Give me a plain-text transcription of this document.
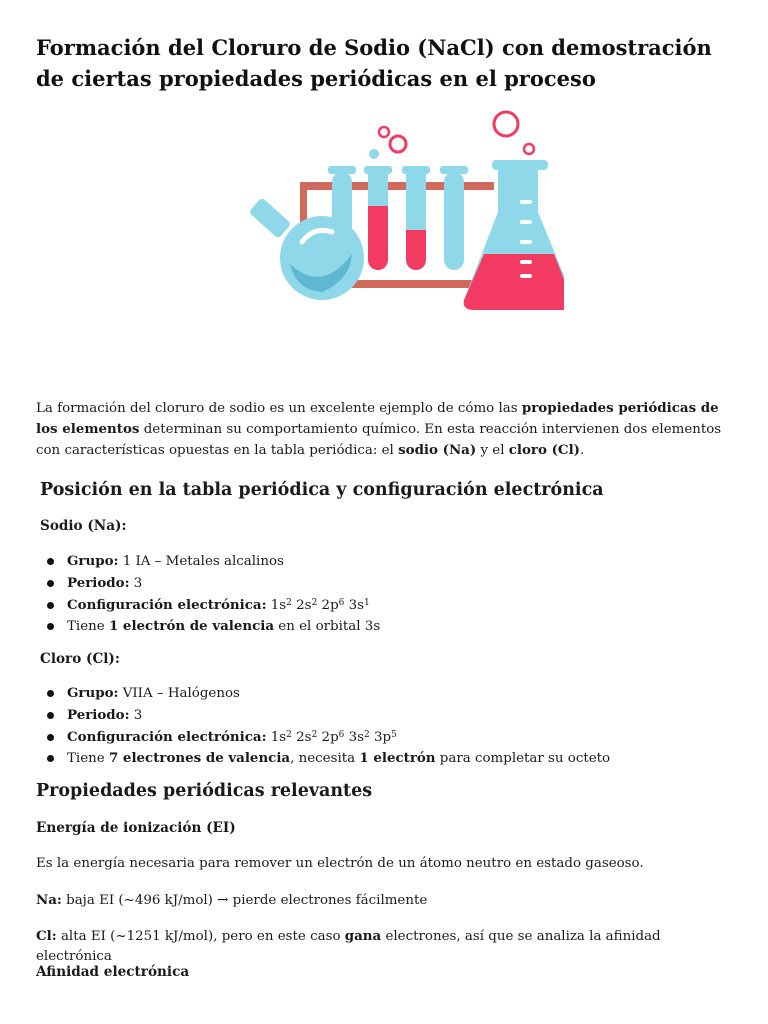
Formación del Cloruro de Sodio (NaCl) con demostración de ciertas propiedades periódicas en el proceso

La formación del cloruro de sodio es un excelente ejemplo de cómo las propiedades periódicas de los elementos determinan su comportamiento químico. En esta reacción intervienen dos elementos con características opuestas en la tabla periódica: el sodio (Na) y el cloro (Cl).

Posición en la tabla periódica y configuración electrónica
Sodio (Na):
Grupo: 1 IA – Metales alcalinos
Periodo: 3
Configuración electrónica: $1s^2$ $2s^2$ $2p^6$ $3s^1$
Tiene 1 electrón de valencia en el orbital 3s
Cloro (Cl):
Grupo: VIIA – Halógenos
Periodo: 3
Configuración electrónica: $1s^2$ $2s^2$ $2p^6$ $3s^2$ $3p^5$
Tiene 7 electrones de valencia, necesita 1 electrón para completar su octeto
Propiedades periódicas relevantes
Energía de ionización (EI)

Es la energía necesaria para remover un electrón de un átomo neutro en estado gaseoso.

Na: baja EI (~496 kJ/mol) → pierde electrones fácilmente

Cl: alta EI (~1251 kJ/mol), pero en este caso gana electrones, así que se analiza la afinidad electrónica

Afinidad electrónica
